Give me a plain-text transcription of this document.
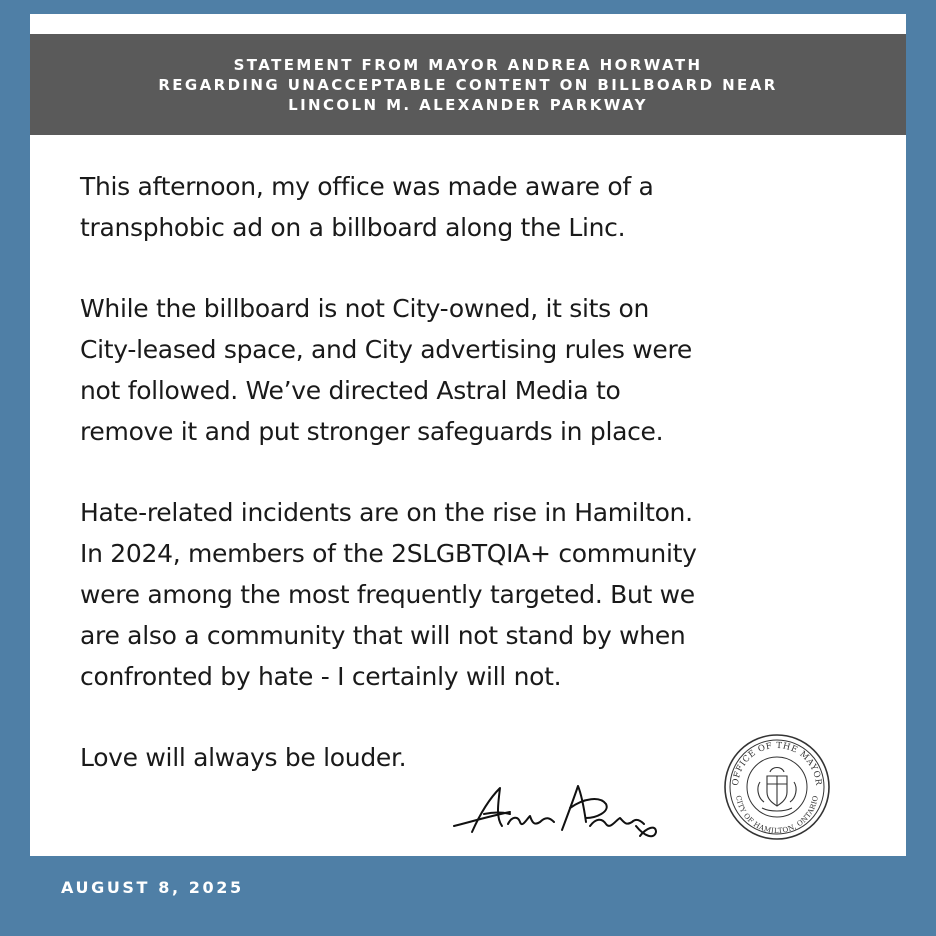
STATEMENT FROM MAYOR ANDREA HORWATH
REGARDING UNACCEPTABLE CONTENT ON BILLBOARD NEAR
LINCOLN M. ALEXANDER PARKWAY
This afternoon, my office was made aware of a
transphobic ad on a billboard along the Linc.
While the billboard is not City-owned, it sits on
City-leased space, and City advertising rules were
not followed. We’ve directed Astral Media to
remove it and put stronger safeguards in place.
Hate-related incidents are on the rise in Hamilton.
In 2024, members of the 2SLGBTQIA+ community
were among the most frequently targeted. But we
are also a community that will not stand by when
confronted by hate - I certainly will not.
Love will always be louder.
OFFICE OF THE MAYOR
CITY OF HAMILTON, ONTARIO
AUGUST 8, 2025
